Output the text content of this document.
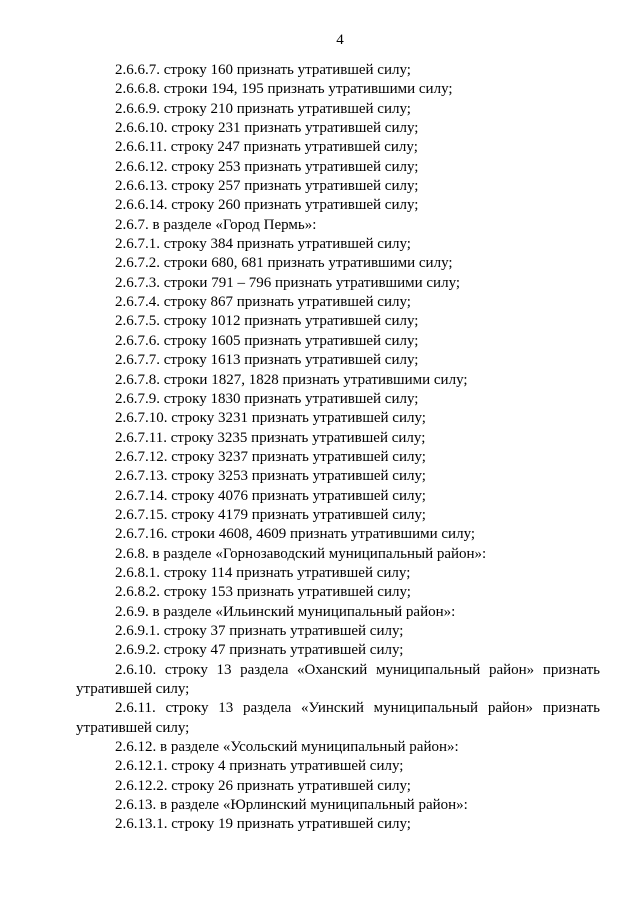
4
2.6.6.7. строку 160 признать утратившей силу;
2.6.6.8. строки 194, 195 признать утратившими силу;
2.6.6.9. строку 210 признать утратившей силу;
2.6.6.10. строку 231 признать утратившей силу;
2.6.6.11. строку 247 признать утратившей силу;
2.6.6.12. строку 253 признать утратившей силу;
2.6.6.13. строку 257 признать утратившей силу;
2.6.6.14. строку 260 признать утратившей силу;
2.6.7. в разделе «Город Пермь»:
2.6.7.1. строку 384 признать утратившей силу;
2.6.7.2. строки 680, 681 признать утратившими силу;
2.6.7.3. строки 791 – 796 признать утратившими силу;
2.6.7.4. строку 867 признать утратившей силу;
2.6.7.5. строку 1012 признать утратившей силу;
2.6.7.6. строку 1605 признать утратившей силу;
2.6.7.7. строку 1613 признать утратившей силу;
2.6.7.8. строки 1827, 1828 признать утратившими силу;
2.6.7.9. строку 1830 признать утратившей силу;
2.6.7.10. строку 3231 признать утратившей силу;
2.6.7.11. строку 3235 признать утратившей силу;
2.6.7.12. строку 3237 признать утратившей силу;
2.6.7.13. строку 3253 признать утратившей силу;
2.6.7.14. строку 4076 признать утратившей силу;
2.6.7.15. строку 4179 признать утратившей силу;
2.6.7.16. строки 4608, 4609 признать утратившими силу;
2.6.8. в разделе «Горнозаводский муниципальный район»:
2.6.8.1. строку 114 признать утратившей силу;
2.6.8.2. строку 153 признать утратившей силу;
2.6.9. в разделе «Ильинский муниципальный район»:
2.6.9.1. строку 37 признать утратившей силу;
2.6.9.2. строку 47 признать утратившей силу;
2.6.10. строку 13 раздела «Оханский муниципальный район» признать
утратившей силу;
2.6.11. строку 13 раздела «Уинский муниципальный район» признать
утратившей силу;
2.6.12. в разделе «Усольский муниципальный район»:
2.6.12.1. строку 4 признать утратившей силу;
2.6.12.2. строку 26 признать утратившей силу;
2.6.13. в разделе «Юрлинский муниципальный район»:
2.6.13.1. строку 19 признать утратившей силу;
